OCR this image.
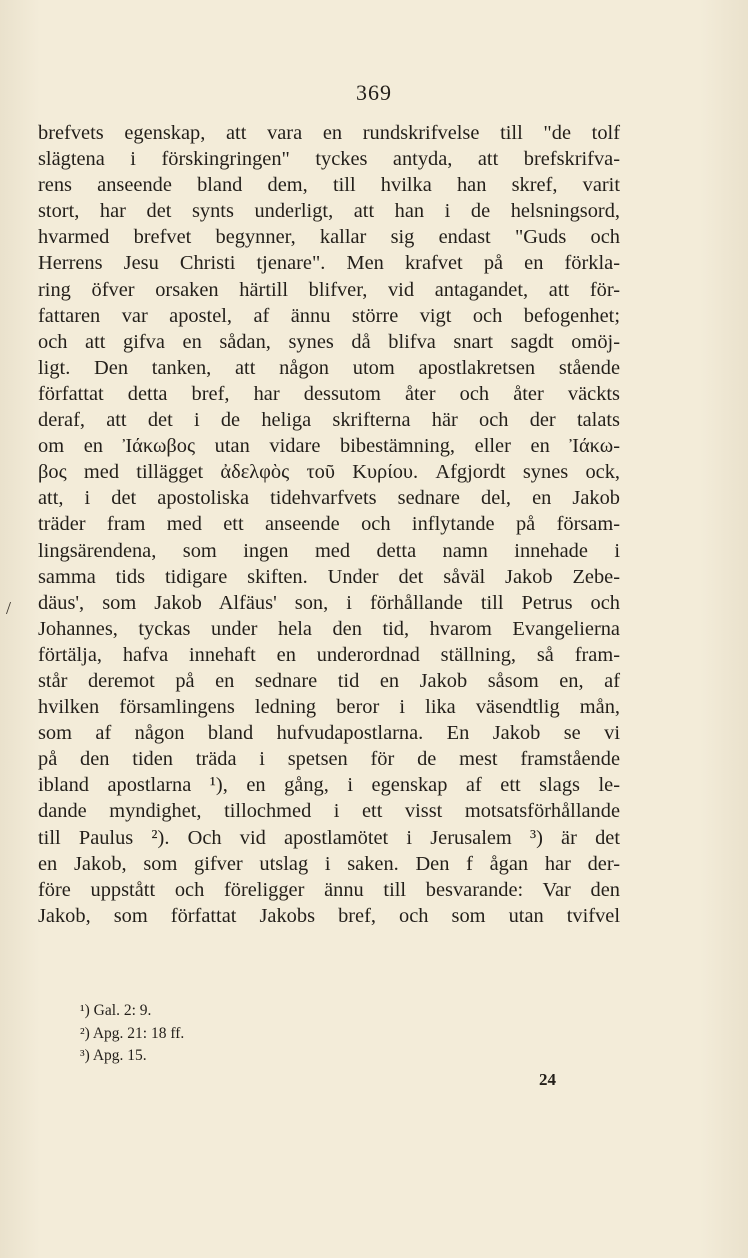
369
/
brefvets egenskap, att vara en rundskrifvelse till "de tolf
slägtena i förskingringen" tyckes antyda, att brefskrifva-
rens anseende bland dem, till hvilka han skref, varit
stort, har det synts underligt, att han i de helsningsord,
hvarmed brefvet begynner, kallar sig endast "Guds och
Herrens Jesu Christi tjenare". Men krafvet på en förkla-
ring öfver orsaken härtill blifver, vid antagandet, att för-
fattaren var apostel, af ännu större vigt och befogenhet;
och att gifva en sådan, synes då blifva snart sagdt omöj-
ligt. Den tanken, att någon utom apostlakretsen stående
författat detta bref, har dessutom åter och åter väckts
deraf, att det i de heliga skrifterna här och der talats
om en Ἰάκωβος utan vidare bibestämning, eller en Ἰάκω-
βος med tillägget ἀδελφὸς τοῦ Κυρίου. Afgjordt synes ock,
att, i det apostoliska tidehvarfvets sednare del, en Jakob
träder fram med ett anseende och inflytande på försam-
lingsärendena, som ingen med detta namn innehade i
samma tids tidigare skiften. Under det såväl Jakob Zebe-
däus', som Jakob Alfäus' son, i förhållande till Petrus och
Johannes, tyckas under hela den tid, hvarom Evangelierna
förtälja, hafva innehaft en underordnad ställning, så fram-
står deremot på en sednare tid en Jakob såsom en, af
hvilken församlingens ledning beror i lika väsendtlig mån,
som af någon bland hufvudapostlarna. En Jakob se vi
på den tiden träda i spetsen för de mest framstående
ibland apostlarna ¹), en gång, i egenskap af ett slags le-
dande myndighet, tillochmed i ett visst motsatsförhållande
till Paulus ²). Och vid apostlamötet i Jerusalem ³) är det
en Jakob, som gifver utslag i saken. Den f ågan har der-
före uppstått och föreligger ännu till besvarande: Var den
Jakob, som författat Jakobs bref, och som utan tvifvel
¹) Gal. 2: 9.
²) Apg. 21: 18 ff.
³) Apg. 15.
24
